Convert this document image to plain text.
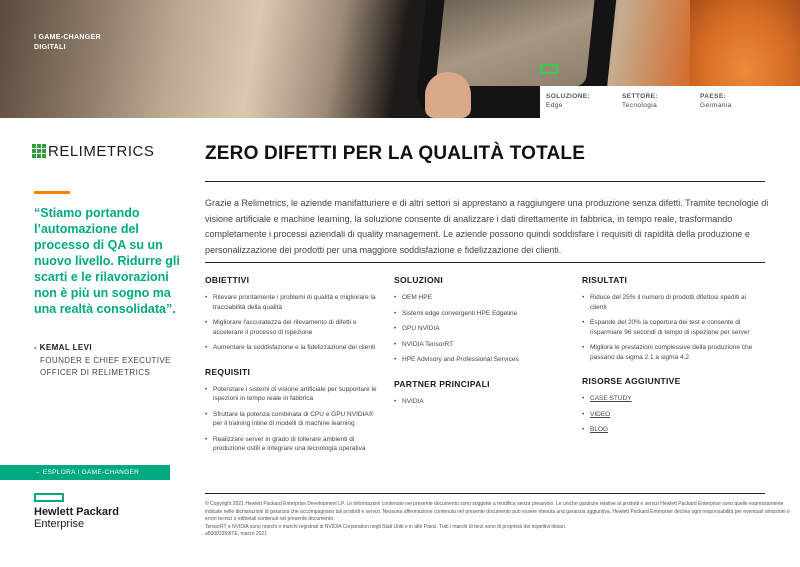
I GAME-CHANGER
DIGITALI
SOLUZIONE:
Edge
SETTORE:
Tecnologia
PAESE:
Germania
RELIMETRICS
“Stiamo portando l’automazione del processo di QA su un nuovo livello. Ridurre gli scarti e le rilavorazioni non è più un sogno ma una realtà consolidata”.
- KEMAL LEVI
FOUNDER E CHIEF EXECUTIVE OFFICER DI RELIMETRICS
→ ESPLORA I GAME-CHANGER DIGITALI
Hewlett Packard
Enterprise
ZERO DIFETTI PER LA QUALITÀ TOTALE
Grazie a Relimetrics, le aziende manifatturiere e di altri settori si apprestano a raggiungere una produzione senza difetti. Tramite tecnologie di visione artificiale e machine learning, la soluzione consente di analizzare i dati direttamente in fabbrica, in tempo reale, trasformando completamente i processi aziendali di quality management. Le aziende possono quindi soddisfare i requisiti di rapidità della produzione e personalizzazione dei prodotti per una maggiore soddisfazione e fidelizzazione dei clienti.
OBIETTIVI
• Rilevare prontamente i problemi di qualità e migliorare la tracciabilità della qualità
• Migliorare l'accuratezza del rilevamento di difetti e accelerare il processo di ispezione
• Aumentare la soddisfazione e la fidelizzazione dei clienti
REQUISITI
• Potenziare i sistemi di visione artificiale per supportare le ispezioni in tempo reale in fabbrica
• Sfruttare la potenza combinata di CPU e GPU NVIDIA® per il training inline di modelli di machine learning
• Realizzare server in grado di tollerare ambienti di produzione ostili e integrare una tecnologia operativa
SOLUZIONI
• OEM HPE
• Sistemi edge convergenti HPE Edgeline
• GPU NVIDIA
• NVIDIA TensorRT
• HPE Advisory and Professional Services
PARTNER PRINCIPALI
• NVIDIA
RISULTATI
• Riduce del 25% il numero di prodotti difettosi spediti ai clienti
• Espande del 20% la copertura dei test e consente di risparmiare 96 secondi di tempo di ispezione per server
• Migliora le prestazioni complessive della produzione che passano da sigma 2.1 a sigma 4.2
RISORSE AGGIUNTIVE
• CASE STUDY
• VIDEO
• BLOG
© Copyright 2021 Hewlett Packard Enterprise Development LP. Le informazioni contenute nel presente documento sono soggette a modifica senza preavviso. Le uniche garanzie relative ai prodotti e servizi Hewlett Packard Enterprise sono quelle espressamente indicate nelle dichiarazioni di garanzia che accompagnano tali prodotti e servizi. Nessuna affermazione contenuta nel presente documento può essere ritenuta una garanzia aggiuntiva. Hewlett Packard Enterprise declina ogni responsabilità per eventuali omissioni o errori tecnici o editoriali contenuti nel presente documento.
TensorRT e NVIDIA sono marchi o marchi registrati di NVIDIA Corporation negli Stati Uniti e in altri Paesi. Tutti i marchi di terzi sono di proprietà dei rispettivi titolari.
a50003359ITE, marzo 2021
